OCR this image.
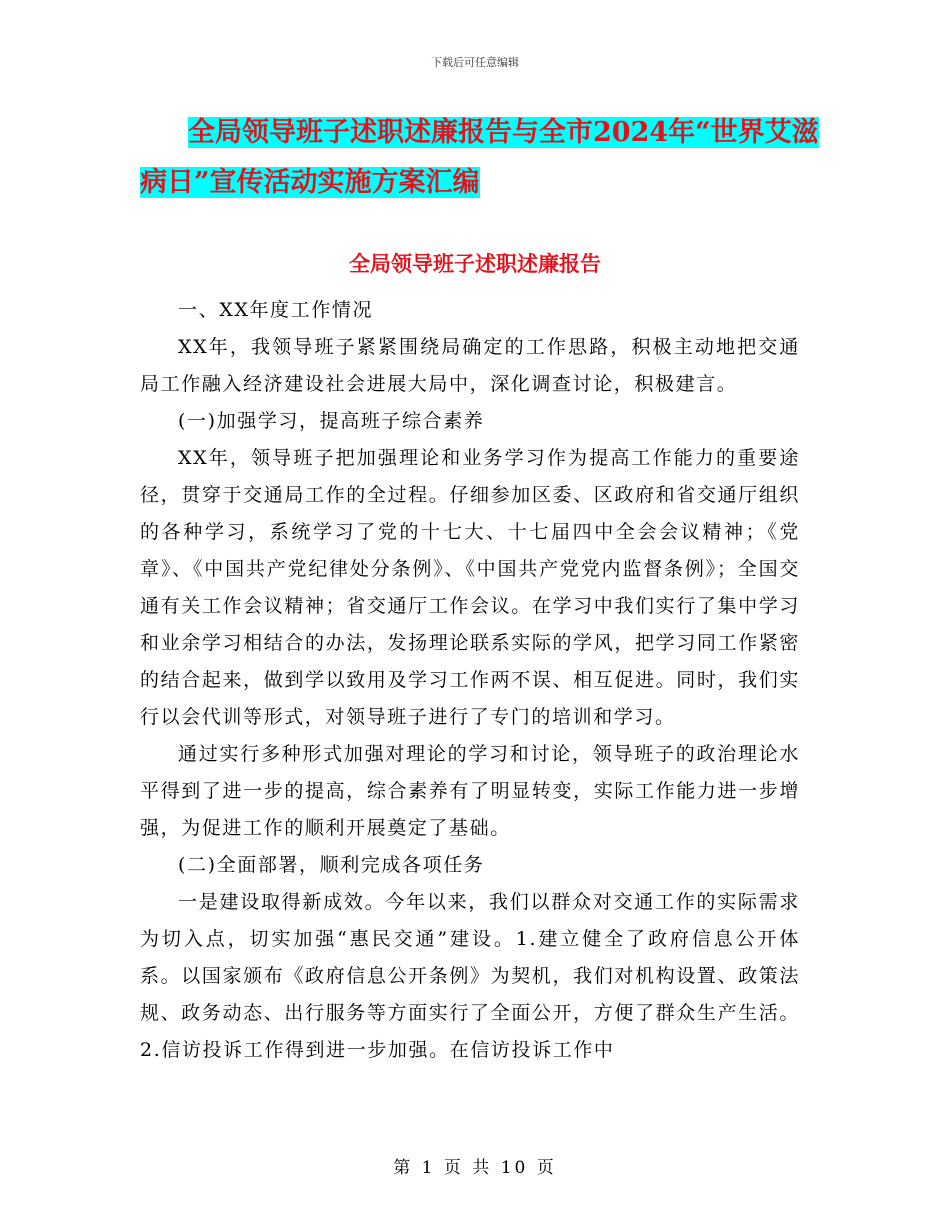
下载后可任意编辑
全局领导班子述职述廉报告与全市2024年“世界艾滋
病日”宣传活动实施方案汇编
全局领导班子述职述廉报告

一、XX年度工作情况

XX年，我领导班子紧紧围绕局确定的工作思路，积极主动地把交通局工作融入经济建设社会进展大局中，深化调查讨论，积极建言。

(一)加强学习，提高班子综合素养

XX年，领导班子把加强理论和业务学习作为提高工作能力的重要途径，贯穿于交通局工作的全过程。仔细参加区委、区政府和省交通厅组织的各种学习，系统学习了党的十七大、十七届四中全会会议精神；《党章》、《中国共产党纪律处分条例》、《中国共产党党内监督条例》；全国交通有关工作会议精神；省交通厅工作会议。在学习中我们实行了集中学习和业余学习相结合的办法，发扬理论联系实际的学风，把学习同工作紧密的结合起来，做到学以致用及学习工作两不误、相互促进。同时，我们实行以会代训等形式，对领导班子进行了专门的培训和学习。

通过实行多种形式加强对理论的学习和讨论，领导班子的政治理论水平得到了进一步的提高，综合素养有了明显转变，实际工作能力进一步增强，为促进工作的顺利开展奠定了基础。

(二)全面部署，顺利完成各项任务

一是建设取得新成效。今年以来，我们以群众对交通工作的实际需求为切入点，切实加强“惠民交通”建设。1.建立健全了政府信息公开体系。以国家颁布《政府信息公开条例》为契机，我们对机构设置、政策法规、政务动态、出行服务等方面实行了全面公开，方便了群众生产生活。2.信访投诉工作得到进一步加强。在信访投诉工作中

第 1 页 共 10 页
